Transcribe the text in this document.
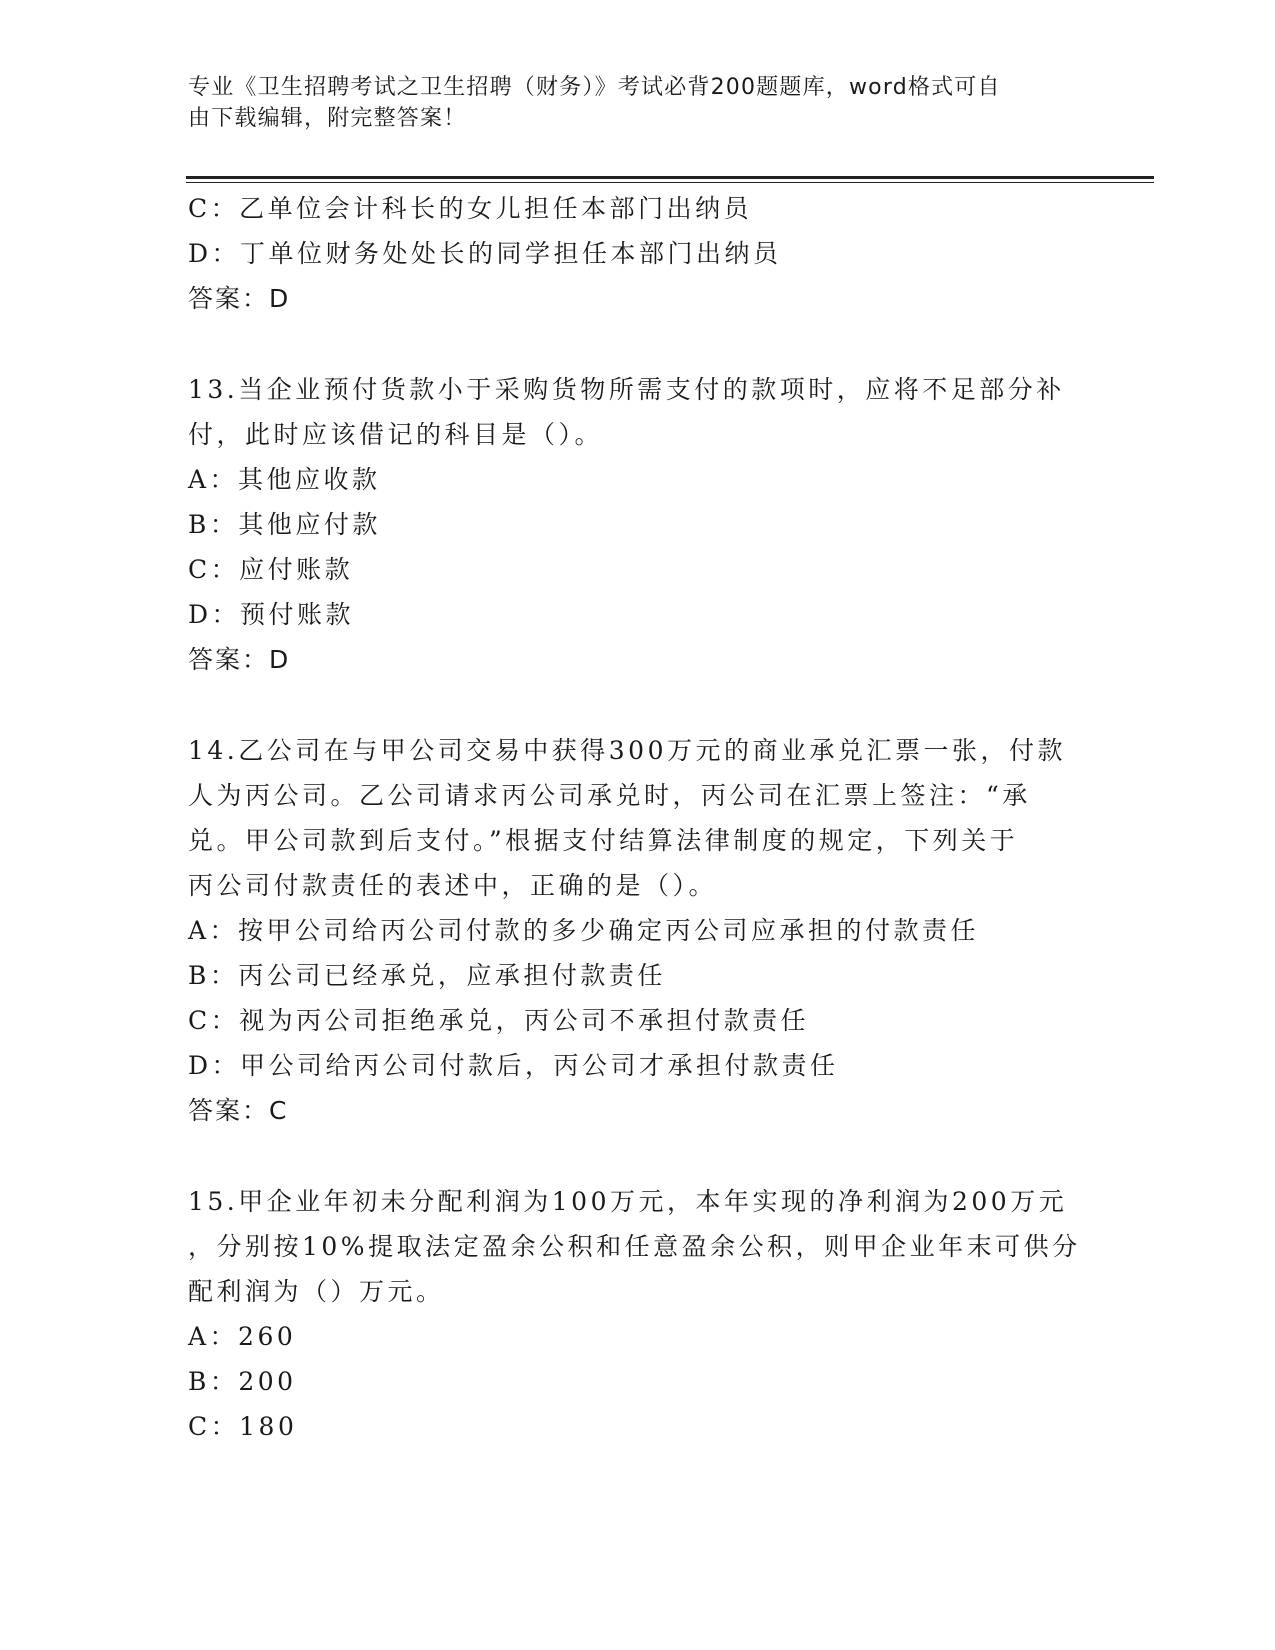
专业《卫生招聘考试之卫生招聘（财务）》考试必背200题题库，word格式可自
由下载编辑，附完整答案！
C：乙单位会计科长的女儿担任本部门出纳员
D：丁单位财务处处长的同学担任本部门出纳员
答案：D
13.当企业预付货款小于采购货物所需支付的款项时，应将不足部分补
付，此时应该借记的科目是（）。
A：其他应收款
B：其他应付款
C：应付账款
D：预付账款
答案：D
14.乙公司在与甲公司交易中获得300万元的商业承兑汇票一张，付款
人为丙公司。乙公司请求丙公司承兑时，丙公司在汇票上签注：“承
兑。甲公司款到后支付。”根据支付结算法律制度的规定，下列关于
丙公司付款责任的表述中，正确的是（）。
A：按甲公司给丙公司付款的多少确定丙公司应承担的付款责任
B：丙公司已经承兑，应承担付款责任
C：视为丙公司拒绝承兑，丙公司不承担付款责任
D：甲公司给丙公司付款后，丙公司才承担付款责任
答案：C
15.甲企业年初未分配利润为100万元，本年实现的净利润为200万元
，分别按10%提取法定盈余公积和任意盈余公积，则甲企业年末可供分
配利润为（）万元。
A：260
B：200
C：180
